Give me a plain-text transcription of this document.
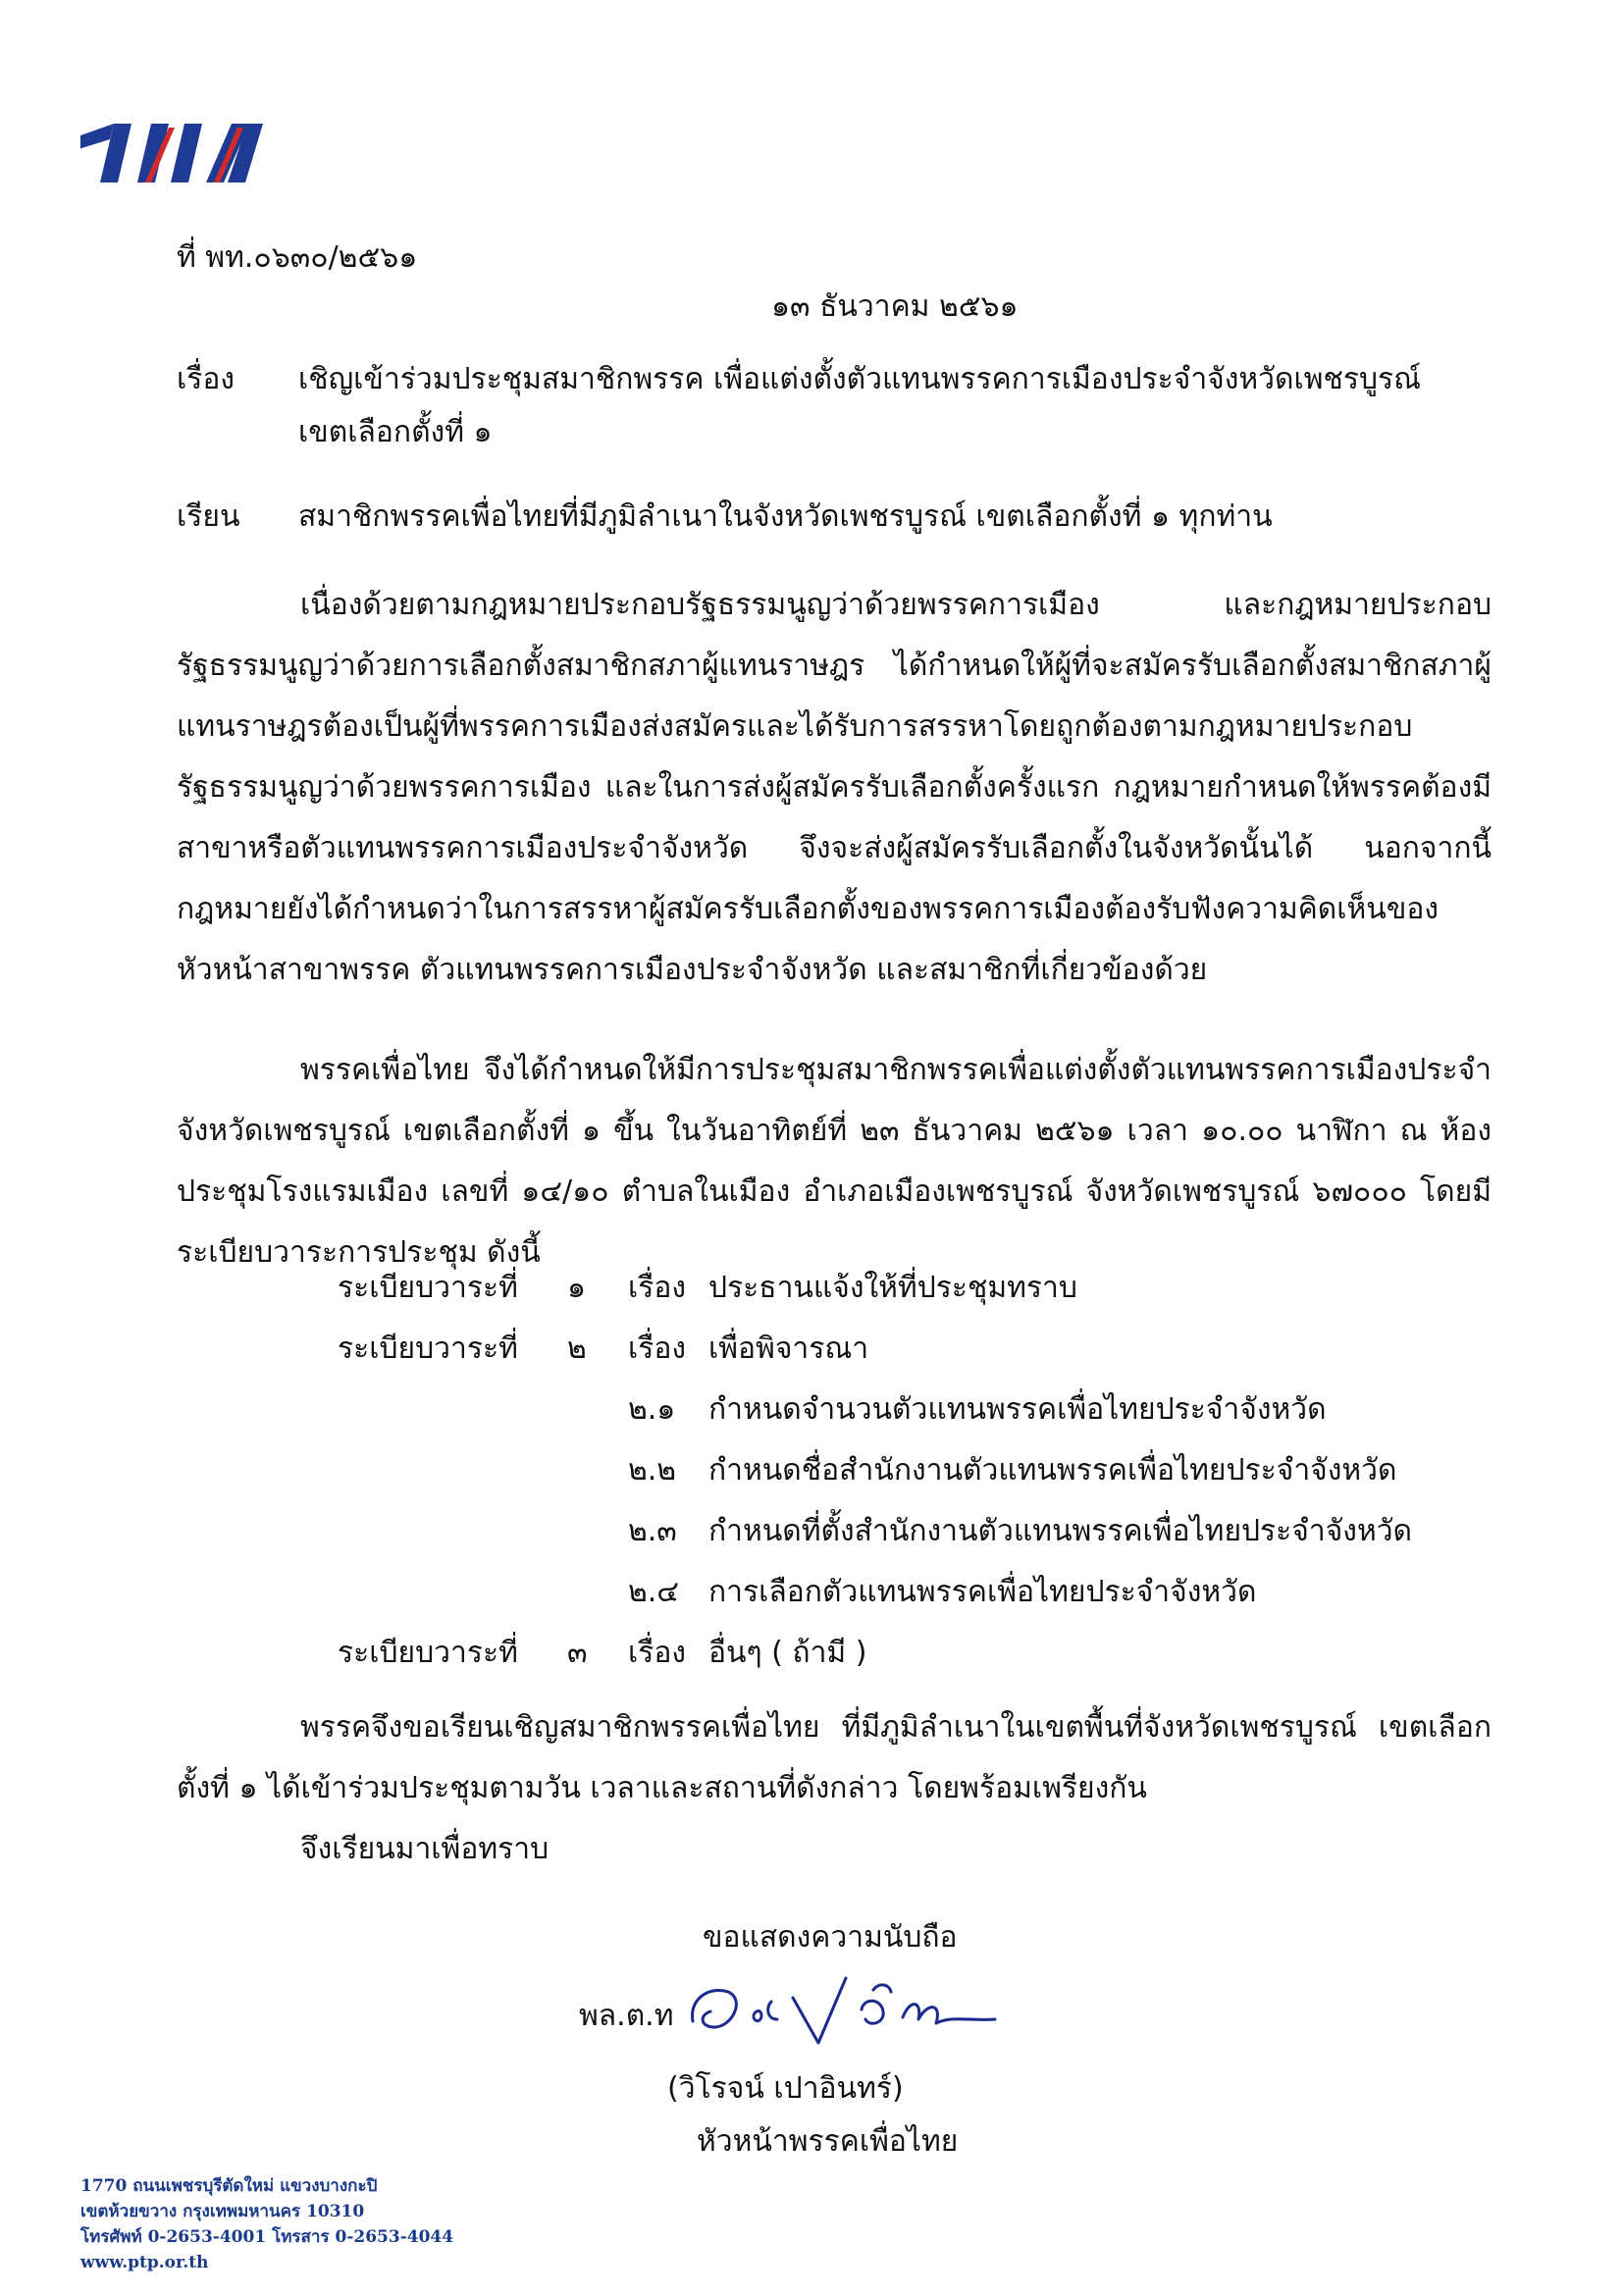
ที่ พท.๐๖๓๐/๒๕๖๑
๑๓ ธันวาคม ๒๕๖๑
เรื่อง เชิญเข้าร่วมประชุมสมาชิกพรรค เพื่อแต่งตั้งตัวแทนพรรคการเมืองประจำจังหวัดเพชรบูรณ์
เขตเลือกตั้งที่ ๑
เรียน สมาชิกพรรคเพื่อไทยที่มีภูมิลำเนาในจังหวัดเพชรบูรณ์ เขตเลือกตั้งที่ ๑ ทุกท่าน

เนื่องด้วยตามกฎหมายประกอบรัฐธรรมนูญว่าด้วยพรรคการเมือง และกฎหมายประกอบรัฐธรรมนูญว่าด้วยการเลือกตั้งสมาชิกสภาผู้แทนราษฎร ได้กำหนดให้ผู้ที่จะสมัครรับเลือกตั้งสมาชิกสภาผู้แทนราษฎรต้องเป็นผู้ที่พรรคการเมืองส่งสมัครและได้รับการสรรหาโดยถูกต้องตามกฎหมายประกอบรัฐธรรมนูญว่าด้วยพรรคการเมือง และในการส่งผู้สมัครรับเลือกตั้งครั้งแรก กฎหมายกำหนดให้พรรคต้องมีสาขาหรือตัวแทนพรรคการเมืองประจำจังหวัด จึงจะส่งผู้สมัครรับเลือกตั้งในจังหวัดนั้นได้ นอกจากนี้กฎหมายยังได้กำหนดว่าในการสรรหาผู้สมัครรับเลือกตั้งของพรรคการเมืองต้องรับฟังความคิดเห็นของหัวหน้าสาขาพรรค ตัวแทนพรรคการเมืองประจำจังหวัด และสมาชิกที่เกี่ยวข้องด้วย

พรรคเพื่อไทย จึงได้กำหนดให้มีการประชุมสมาชิกพรรคเพื่อแต่งตั้งตัวแทนพรรคการเมืองประจำจังหวัดเพชรบูรณ์ เขตเลือกตั้งที่ ๑ ขึ้น ในวันอาทิตย์ที่ ๒๓ ธันวาคม ๒๕๖๑ เวลา ๑๐.๐๐ นาฬิกา ณ ห้องประชุมโรงแรมเมือง เลขที่ ๑๔/๑๐ ตำบลในเมือง อำเภอเมืองเพชรบูรณ์ จังหวัดเพชรบูรณ์ ๖๗๐๐๐ โดยมีระเบียบวาระการประชุม ดังนี้

ระเบียบวาระที่ ๑ เรื่อง ประธานแจ้งให้ที่ประชุมทราบ
ระเบียบวาระที่ ๒ เรื่อง เพื่อพิจารณา
๒.๑ กำหนดจำนวนตัวแทนพรรคเพื่อไทยประจำจังหวัด
๒.๒ กำหนดชื่อสำนักงานตัวแทนพรรคเพื่อไทยประจำจังหวัด
๒.๓ กำหนดที่ตั้งสำนักงานตัวแทนพรรคเพื่อไทยประจำจังหวัด
๒.๔ การเลือกตัวแทนพรรคเพื่อไทยประจำจังหวัด
ระเบียบวาระที่ ๓ เรื่อง อื่นๆ ( ถ้ามี )

พรรคจึงขอเรียนเชิญสมาชิกพรรคเพื่อไทย ที่มีภูมิลำเนาในเขตพื้นที่จังหวัดเพชรบูรณ์ เขตเลือกตั้งที่ ๑ ได้เข้าร่วมประชุมตามวัน เวลาและสถานที่ดังกล่าว โดยพร้อมเพรียงกัน

จึงเรียนมาเพื่อทราบ

ขอแสดงความนับถือ
พล.ต.ท
(วิโรจน์ เปาอินทร์)
หัวหน้าพรรคเพื่อไทย
1770 ถนนเพชรบุรีตัดใหม่ แขวงบางกะปิ
เขตห้วยขวาง กรุงเทพมหานคร 10310
โทรศัพท์ 0-2653-4001 โทรสาร 0-2653-4044
www.ptp.or.th
